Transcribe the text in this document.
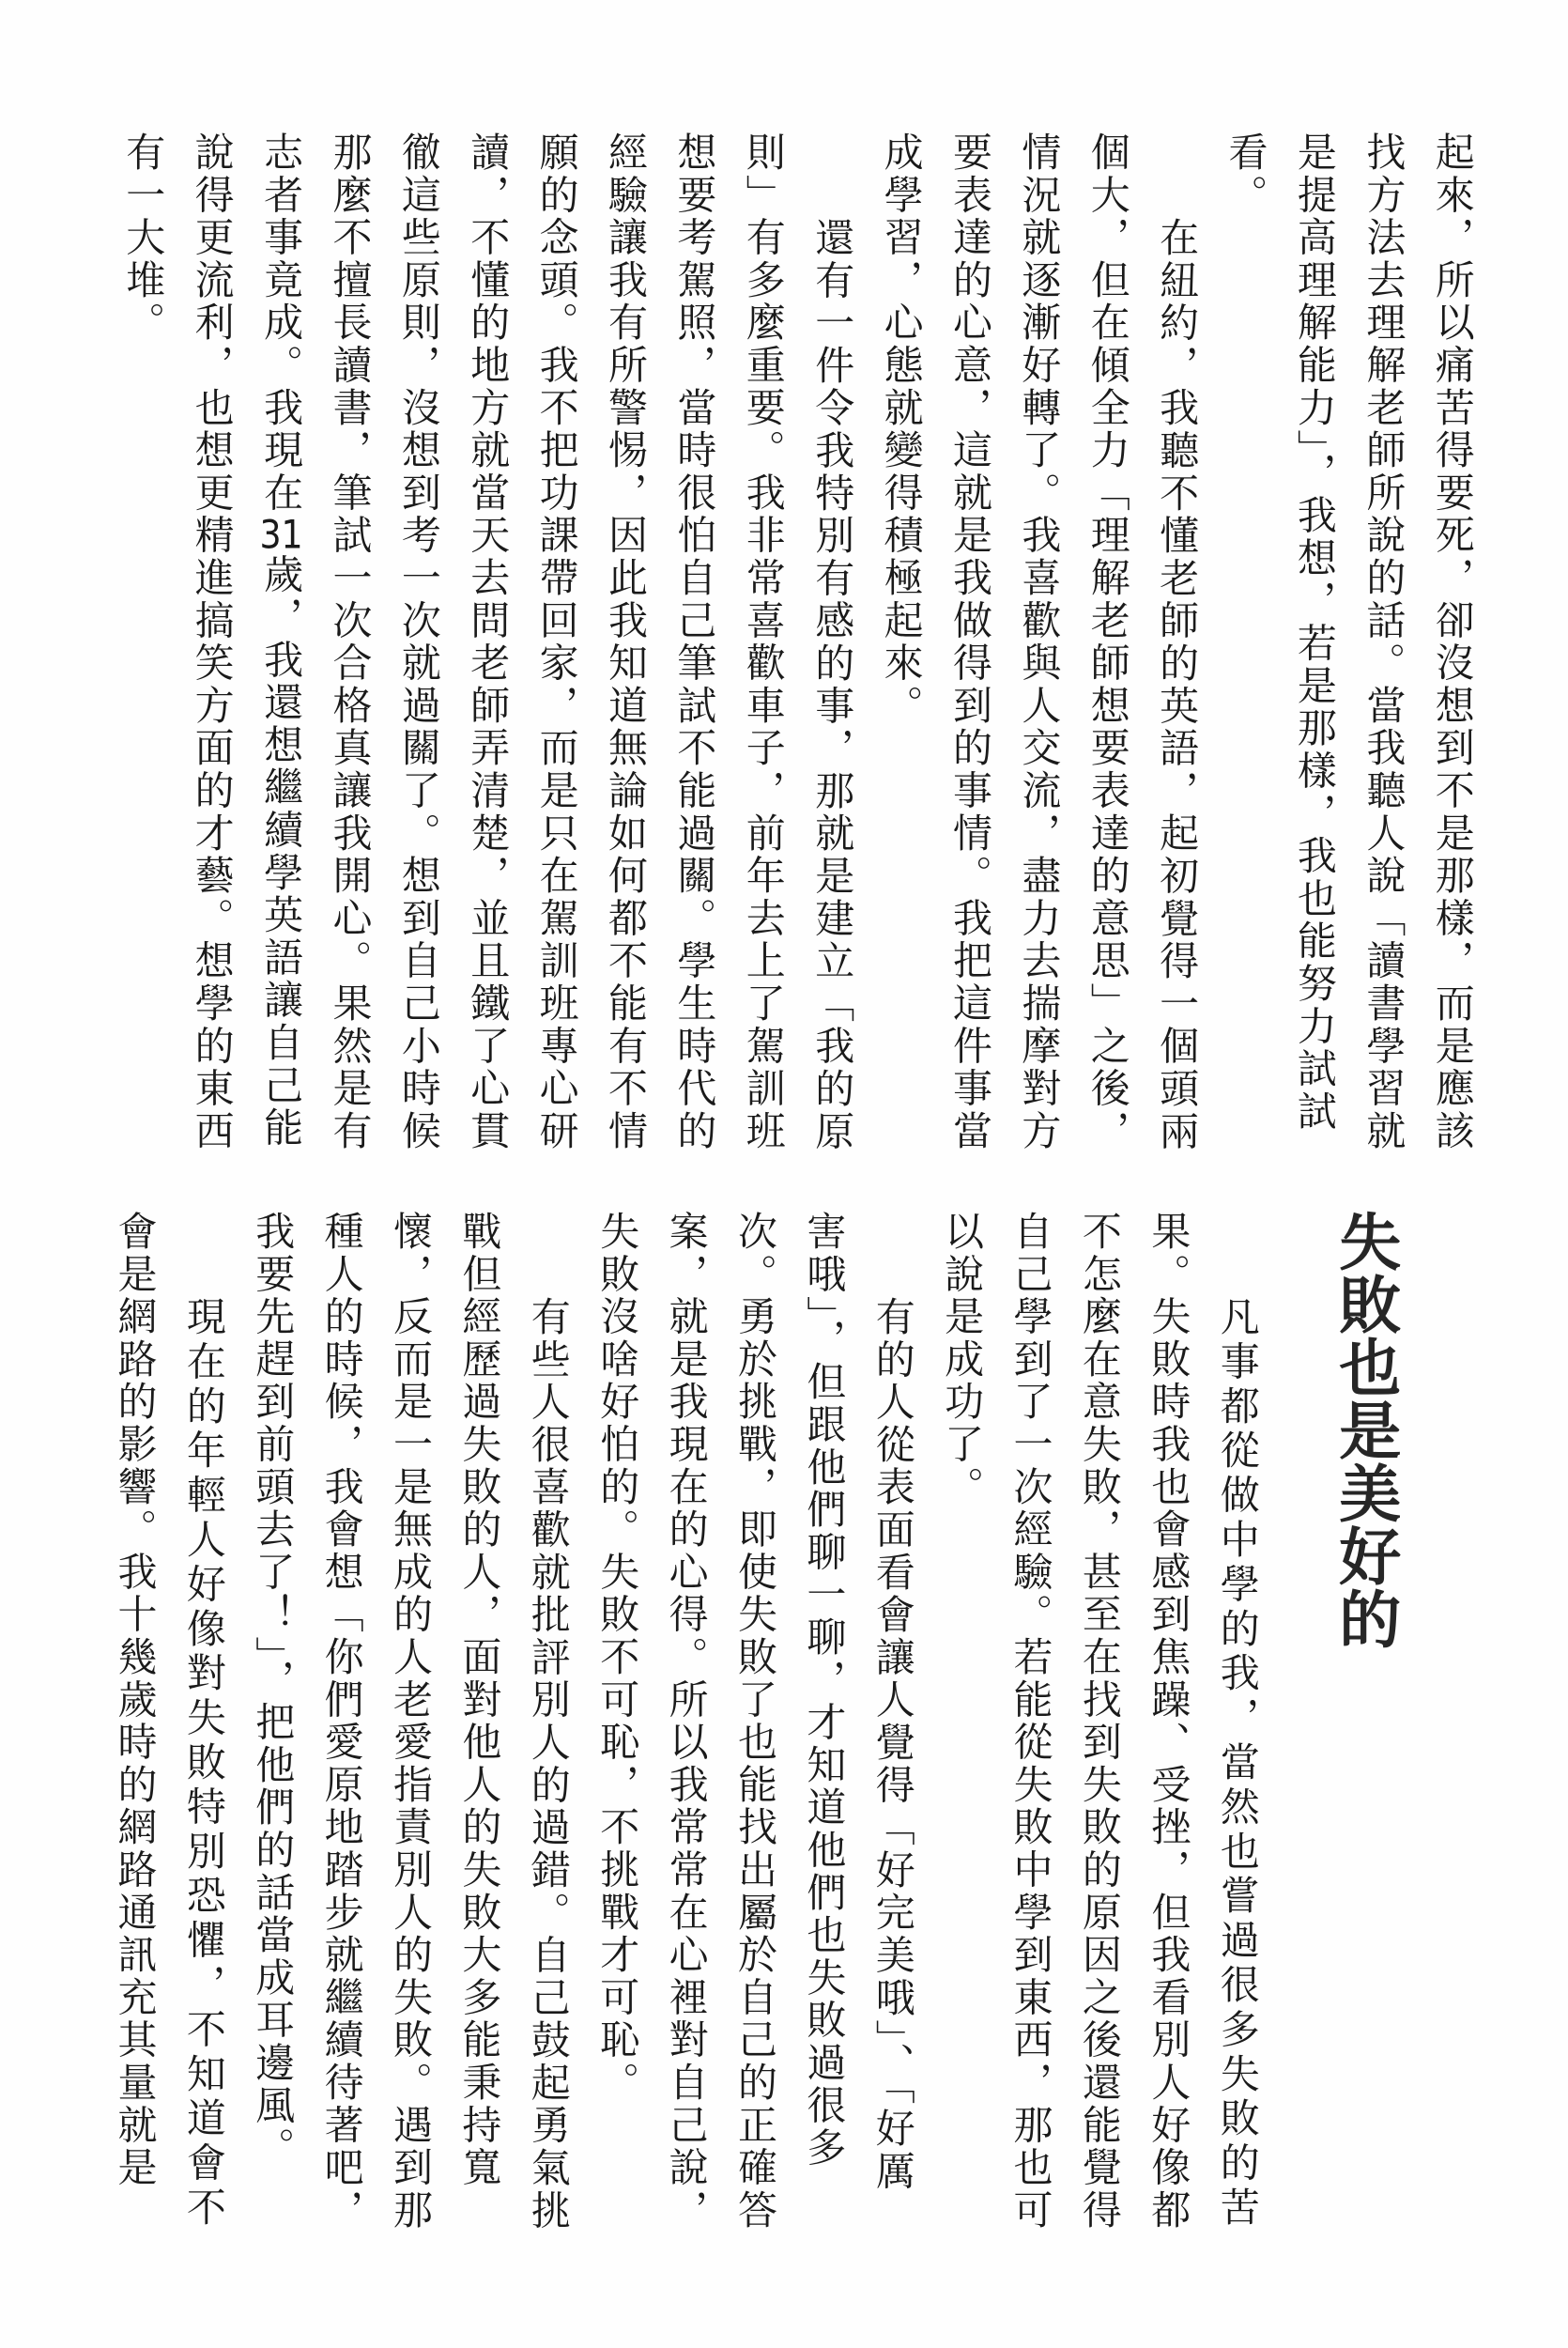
起來，所以痛苦得要死，卻沒想到不是那樣，而是應該
找方法去理解老師所說的話。當我聽人說「讀書學習就
是提高理解能力」，我想，若是那樣，我也能努力試試
看。
在紐約，我聽不懂老師的英語，起初覺得一個頭兩
個大，但在傾全力「理解老師想要表達的意思」之後，
情況就逐漸好轉了。我喜歡與人交流，盡力去揣摩對方
要表達的心意，這就是我做得到的事情。我把這件事當
成學習，心態就變得積極起來。
還有一件令我特別有感的事，那就是建立「我的原
則」有多麼重要。我非常喜歡車子，前年去上了駕訓班
想要考駕照，當時很怕自己筆試不能過關。學生時代的
經驗讓我有所警惕，因此我知道無論如何都不能有不情
願的念頭。我不把功課帶回家，而是只在駕訓班專心研
讀，不懂的地方就當天去問老師弄清楚，並且鐵了心貫
徹這些原則，沒想到考一次就過關了。想到自己小時候
那麼不擅長讀書，筆試一次合格真讓我開心。果然是有
志者事竟成。我現在31歲，我還想繼續學英語讓自己能
說得更流利，也想更精進搞笑方面的才藝。想學的東西
有一大堆。
失敗也是美好的
凡事都從做中學的我，當然也嘗過很多失敗的苦
果。失敗時我也會感到焦躁、受挫，但我看別人好像都
不怎麼在意失敗，甚至在找到失敗的原因之後還能覺得
自己學到了一次經驗。若能從失敗中學到東西，那也可
以說是成功了。
有的人從表面看會讓人覺得「好完美哦」、「好厲
害哦」，但跟他們聊一聊，才知道他們也失敗過很多
次。勇於挑戰，即使失敗了也能找出屬於自己的正確答
案，就是我現在的心得。所以我常常在心裡對自己說，
失敗沒啥好怕的。失敗不可恥，不挑戰才可恥。
有些人很喜歡就批評別人的過錯。自己鼓起勇氣挑
戰但經歷過失敗的人，面對他人的失敗大多能秉持寬
懷，反而是一是無成的人老愛指責別人的失敗。遇到那
種人的時候，我會想「你們愛原地踏步就繼續待著吧，
我要先趕到前頭去了！」，把他們的話當成耳邊風。
現在的年輕人好像對失敗特別恐懼，不知道會不
會是網路的影響。我十幾歲時的網路通訊充其量就是
